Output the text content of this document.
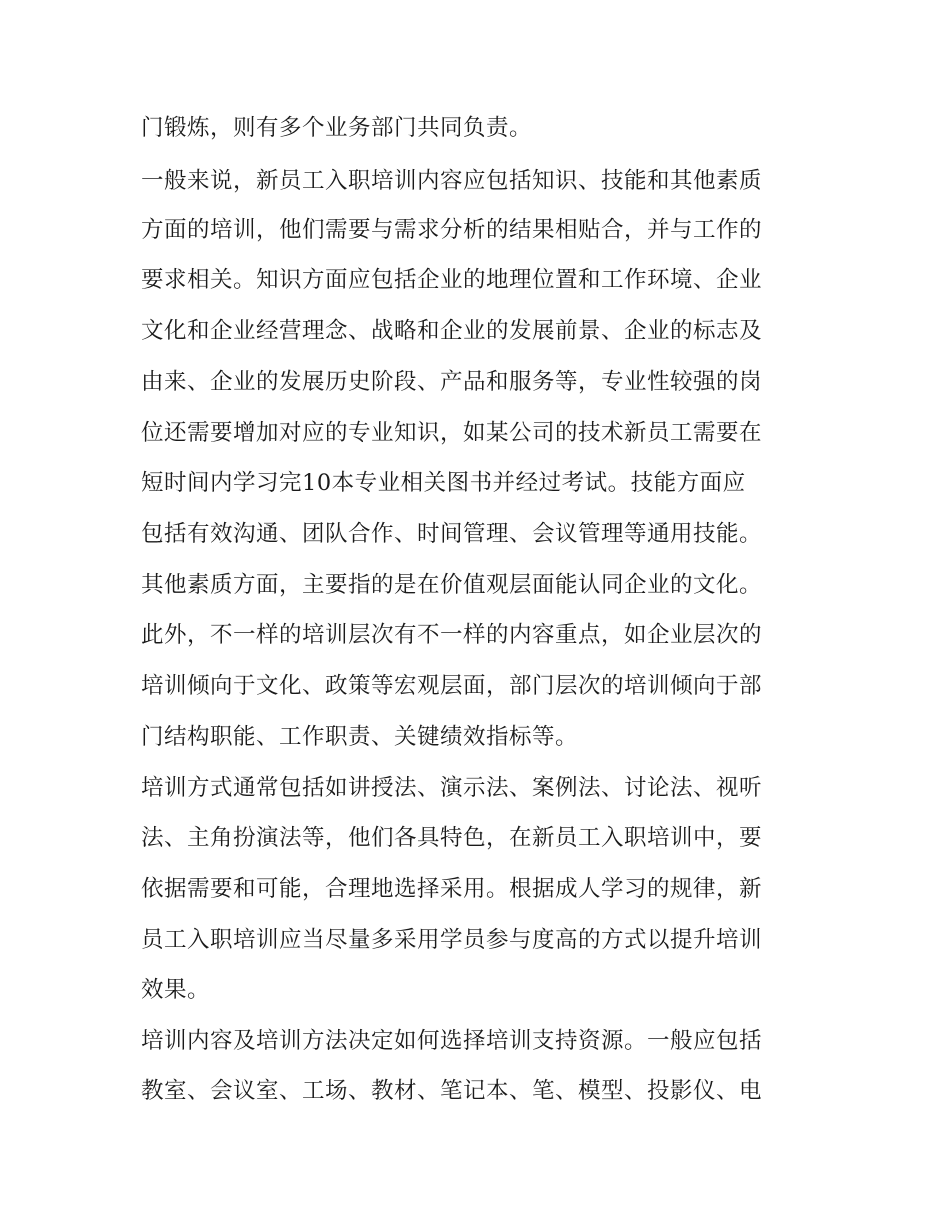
门锻炼，则有多个业务部门共同负责。
一般来说，新员工入职培训内容应包括知识、技能和其他素质
方面的培训，他们需要与需求分析的结果相贴合，并与工作的
要求相关。知识方面应包括企业的地理位置和工作环境、企业
文化和企业经营理念、战略和企业的发展前景、企业的标志及
由来、企业的发展历史阶段、产品和服务等，专业性较强的岗
位还需要增加对应的专业知识，如某公司的技术新员工需要在
短时间内学习完10本专业相关图书并经过考试。技能方面应
包括有效沟通、团队合作、时间管理、会议管理等通用技能。
其他素质方面，主要指的是在价值观层面能认同企业的文化。
此外，不一样的培训层次有不一样的内容重点，如企业层次的
培训倾向于文化、政策等宏观层面，部门层次的培训倾向于部
门结构职能、工作职责、关键绩效指标等。
培训方式通常包括如讲授法、演示法、案例法、讨论法、视听
法、主角扮演法等，他们各具特色，在新员工入职培训中，要
依据需要和可能，合理地选择采用。根据成人学习的规律，新
员工入职培训应当尽量多采用学员参与度高的方式以提升培训
效果。
培训内容及培训方法决定如何选择培训支持资源。一般应包括
教室、会议室、工场、教材、笔记本、笔、模型、投影仪、电
